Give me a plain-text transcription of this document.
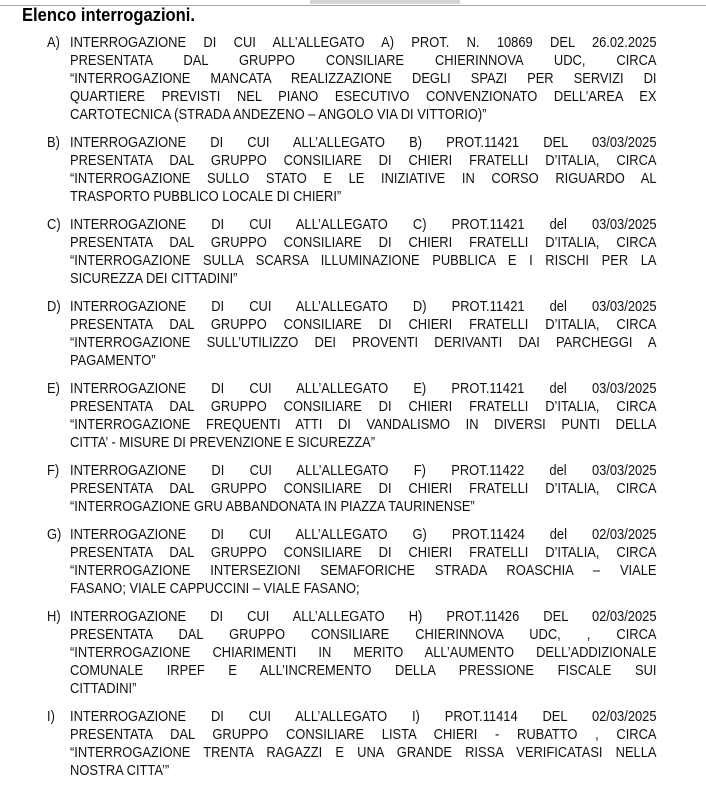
Elenco interrogazioni.
A) INTERROGAZIONE DI CUI ALL’ALLEGATO A) PROT. N. 10869 DEL 26.02.2025
PRESENTATA DAL GRUPPO CONSILIARE CHIERINNOVA UDC, CIRCA
“INTERROGAZIONE MANCATA REALIZZAZIONE DEGLI SPAZI PER SERVIZI DI
QUARTIERE PREVISTI NEL PIANO ESECUTIVO CONVENZIONATO DELL’AREA EX
CARTOTECNICA (STRADA ANDEZENO – ANGOLO VIA DI VITTORIO)”
B) INTERROGAZIONE DI CUI ALL’ALLEGATO B) PROT.11421 DEL 03/03/2025
PRESENTATA DAL GRUPPO CONSILIARE DI CHIERI FRATELLI D’ITALIA, CIRCA
“INTERROGAZIONE SULLO STATO E LE INIZIATIVE IN CORSO RIGUARDO AL
TRASPORTO PUBBLICO LOCALE DI CHIERI”
C) INTERROGAZIONE DI CUI ALL’ALLEGATO C) PROT.11421 del 03/03/2025
PRESENTATA DAL GRUPPO CONSILIARE DI CHIERI FRATELLI D’ITALIA, CIRCA
“INTERROGAZIONE SULLA SCARSA ILLUMINAZIONE PUBBLICA E I RISCHI PER LA
SICUREZZA DEI CITTADINI”
D) INTERROGAZIONE DI CUI ALL’ALLEGATO D) PROT.11421 del 03/03/2025
PRESENTATA DAL GRUPPO CONSILIARE DI CHIERI FRATELLI D’ITALIA, CIRCA
“INTERROGAZIONE SULL’UTILIZZO DEI PROVENTI DERIVANTI DAI PARCHEGGI A
PAGAMENTO”
E) INTERROGAZIONE DI CUI ALL’ALLEGATO E) PROT.11421 del 03/03/2025
PRESENTATA DAL GRUPPO CONSILIARE DI CHIERI FRATELLI D’ITALIA, CIRCA
“INTERROGAZIONE FREQUENTI ATTI DI VANDALISMO IN DIVERSI PUNTI DELLA
CITTA’ - MISURE DI PREVENZIONE E SICUREZZA”
F) INTERROGAZIONE DI CUI ALL’ALLEGATO F) PROT.11422 del 03/03/2025
PRESENTATA DAL GRUPPO CONSILIARE DI CHIERI FRATELLI D’ITALIA, CIRCA
“INTERROGAZIONE GRU ABBANDONATA IN PIAZZA TAURINENSE”
G) INTERROGAZIONE DI CUI ALL’ALLEGATO G) PROT.11424 del 02/03/2025
PRESENTATA DAL GRUPPO CONSILIARE DI CHIERI FRATELLI D’ITALIA, CIRCA
“INTERROGAZIONE INTERSEZIONI SEMAFORICHE STRADA ROASCHIA – VIALE
FASANO; VIALE CAPPUCCINI – VIALE FASANO;
H) INTERROGAZIONE DI CUI ALL’ALLEGATO H) PROT.11426 DEL 02/03/2025
PRESENTATA DAL GRUPPO CONSILIARE CHIERINNOVA UDC, , CIRCA
“INTERROGAZIONE CHIARIMENTI IN MERITO ALL’AUMENTO DELL’ADDIZIONALE
COMUNALE IRPEF E ALL’INCREMENTO DELLA PRESSIONE FISCALE SUI
CITTADINI”
I) INTERROGAZIONE DI CUI ALL’ALLEGATO I) PROT.11414 DEL 02/03/2025
PRESENTATA DAL GRUPPO CONSILIARE LISTA CHIERI - RUBATTO , CIRCA
“INTERROGAZIONE TRENTA RAGAZZI E UNA GRANDE RISSA VERIFICATASI NELLA
NOSTRA CITTA’”
